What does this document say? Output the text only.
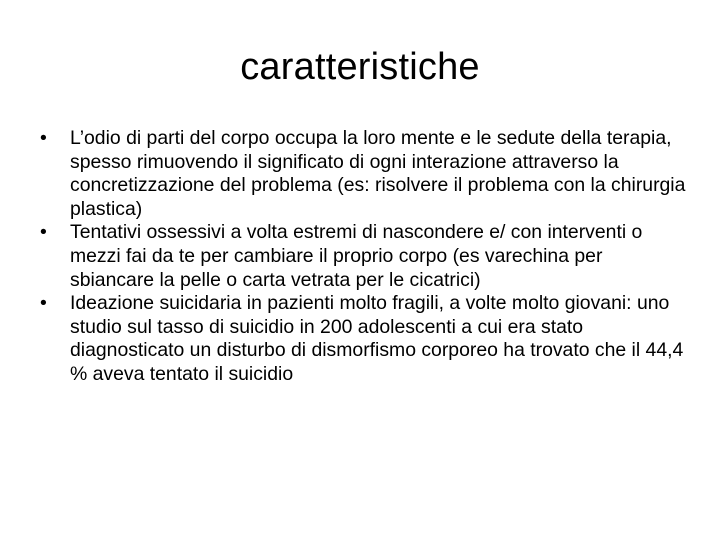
caratteristiche
•	L’odio di parti del corpo occupa la loro mente e le sedute della terapia, spesso rimuovendo il significato di ogni interazione attraverso la concretizzazione del problema (es: risolvere il problema con la chirurgia plastica)
•	Tentativi ossessivi a volta estremi di nascondere e/ con interventi o mezzi fai da te per cambiare il proprio corpo (es varechina per sbiancare la pelle o carta vetrata per le cicatrici)
•	Ideazione suicidaria in pazienti molto fragili, a volte molto giovani: uno studio sul tasso di suicidio in 200 adolescenti a cui era stato diagnosticato un disturbo di dismorfismo corporeo ha trovato che il 44,4 % aveva tentato il suicidio
